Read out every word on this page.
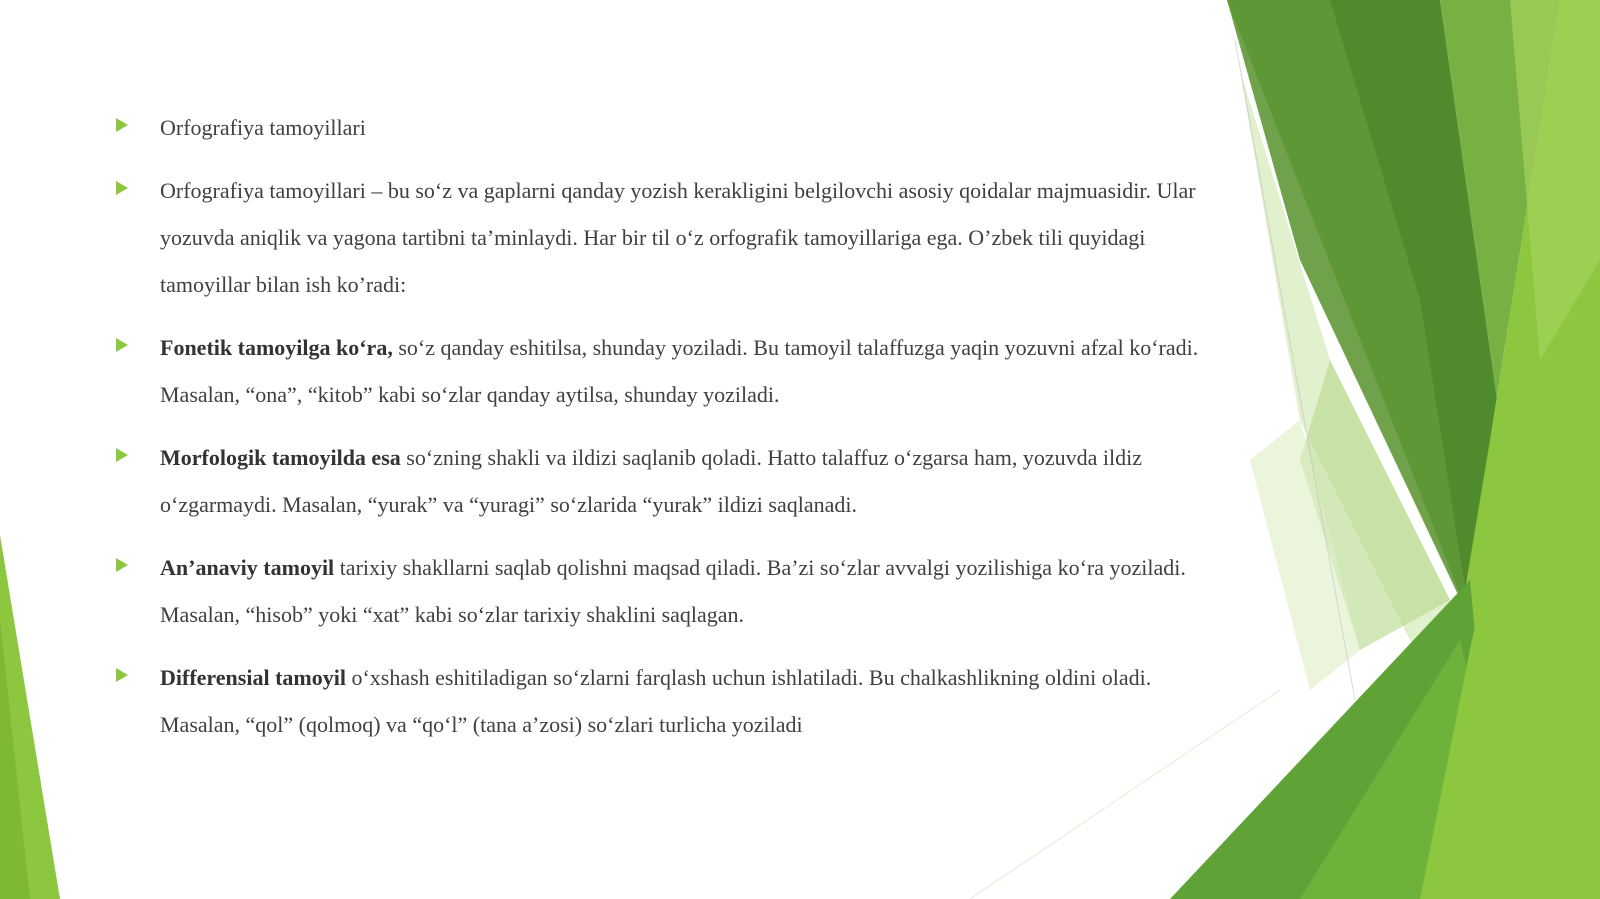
Orfografiya tamoyillari
Orfografiya tamoyillari – bu so‘z va gaplarni qanday yozish kerakligini belgilovchi asosiy qoidalar majmuasidir. Ular yozuvda aniqlik va yagona tartibni ta’minlaydi. Har bir til o‘z orfografik tamoyillariga ega. O’zbek tili quyidagi tamoyillar bilan ish ko’radi:
Fonetik tamoyilga ko‘ra, so‘z qanday eshitilsa, shunday yoziladi. Bu tamoyil talaffuzga yaqin yozuvni afzal ko‘radi. Masalan, “ona”, “kitob” kabi so‘zlar qanday aytilsa, shunday yoziladi.
Morfologik tamoyilda esa so‘zning shakli va ildizi saqlanib qoladi. Hatto talaffuz o‘zgarsa ham, yozuvda ildiz o‘zgarmaydi. Masalan, “yurak” va “yuragi” so‘zlarida “yurak” ildizi saqlanadi.
An’anaviy tamoyil tarixiy shakllarni saqlab qolishni maqsad qiladi. Ba’zi so‘zlar avvalgi yozilishiga ko‘ra yoziladi. Masalan, “hisob” yoki “xat” kabi so‘zlar tarixiy shaklini saqlagan.
Differensial tamoyil o‘xshash eshitiladigan so‘zlarni farqlash uchun ishlatiladi. Bu chalkashlikning oldini oladi. Masalan, “qol” (qolmoq) va “qo‘l” (tana a’zosi) so‘zlari turlicha yoziladi
